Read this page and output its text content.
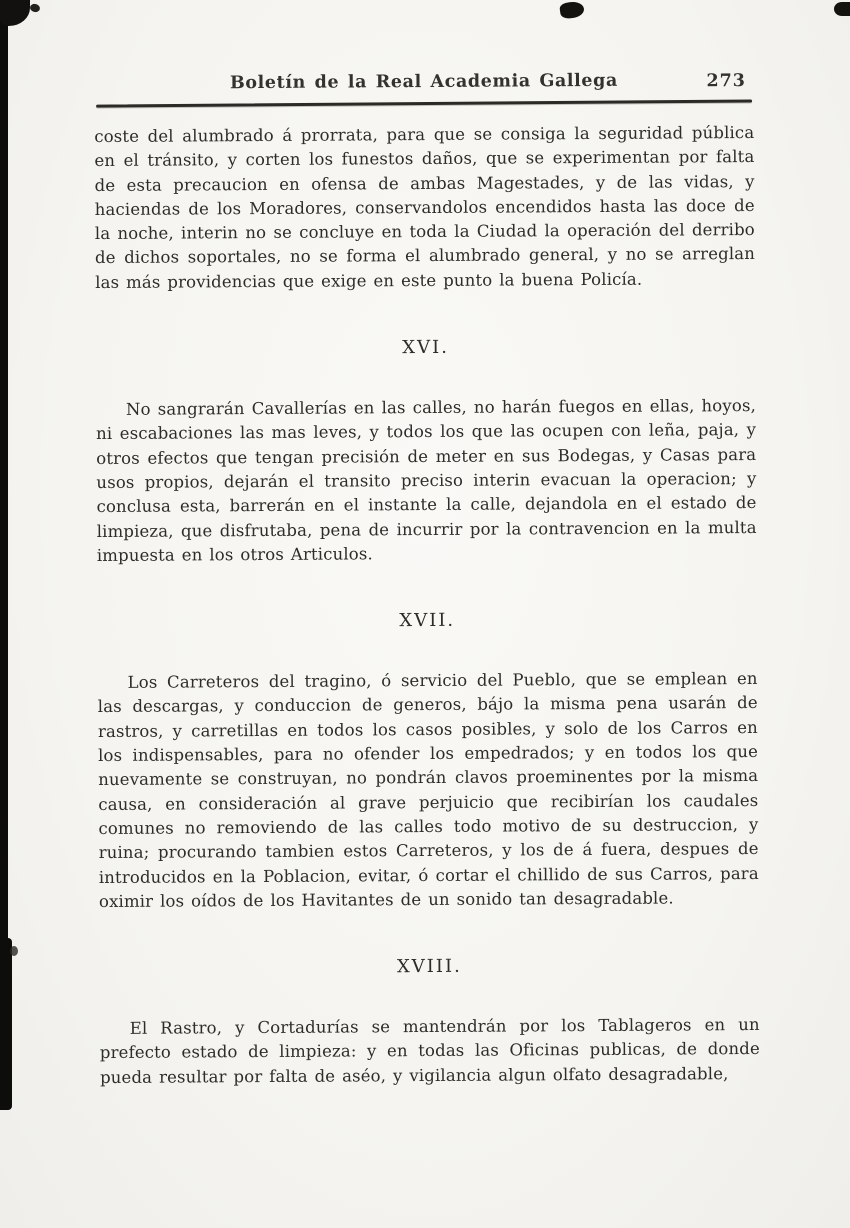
Boletín de la Real Academia Gallega	273

coste del alumbrado á prorrata, para que se consiga la seguridad pública en el tránsito, y corten los funestos daños, que se experimentan por falta de esta precaucion en ofensa de ambas Magestades, y de las vidas, y haciendas de los Moradores, conservandolos encendidos hasta las doce de la noche, interin no se concluye en toda la Ciudad la operación del derribo de dichos soportales, no se forma el alumbrado general, y no se arreglan las más providencias que exige en este punto la buena Policía.

XVI.

No sangrarán Cavallerías en las calles, no harán fuegos en ellas, hoyos, ni escabaciones las mas leves, y todos los que las ocupen con leña, paja, y otros efectos que tengan precisión de meter en sus Bodegas, y Casas para usos propios, dejarán el transito preciso interin evacuan la operacion; y conclusa esta, barrerán en el instante la calle, dejandola en el estado de limpieza, que disfrutaba, pena de incurrir por la contravencion en la multa impuesta en los otros Articulos.

XVII.

Los Carreteros del tragino, ó servicio del Pueblo, que se emplean en las descargas, y conduccion de generos, bájo la misma pena usarán de rastros, y carretillas en todos los casos posibles, y solo de los Carros en los indispensables, para no ofender los empedrados; y en todos los que nuevamente se construyan, no pondrán clavos proeminentes por la misma causa, en consideración al grave perjuicio que recibirían los caudales comunes no removiendo de las calles todo motivo de su destruccion, y ruina; procurando tambien estos Carreteros, y los de á fuera, despues de introducidos en la Poblacion, evitar, ó cortar el chillido de sus Carros, para oximir los oídos de los Havitantes de un sonido tan desagradable.

XVIII.

El Rastro, y Cortadurías se mantendrán por los Tablageros en un prefecto estado de limpieza: y en todas las Oficinas publicas, de donde pueda resultar por falta de aséo, y vigilancia algun olfato desagradable,
